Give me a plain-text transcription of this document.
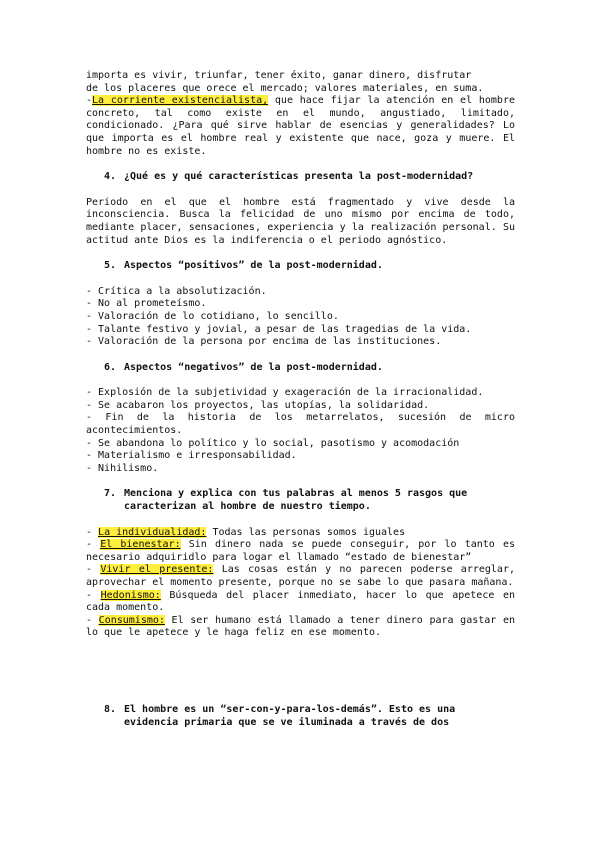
importa es vivir, triunfar, tener éxito, ganar dinero, disfrutar
de los placeres que orece el mercado; valores materiales, en suma.
-La corriente existencialista, que hace fijar la atención en el hombre concreto, tal como existe en el mundo, angustiado, limitado, condicionado. ¿Para qué sirve hablar de esencias y generalidades? Lo que importa es el hombre real y existente que nace, goza y muere. El hombre no es existe.
4. ¿Qué es y qué características presenta la post-modernidad?
Periodo en el que el hombre está fragmentado y vive desde la inconsciencia. Busca la felicidad de uno mismo por encima de todo, mediante placer, sensaciones, experiencia y la realización personal. Su actitud ante Dios es la indiferencia o el periodo agnóstico.
5. Aspectos “positivos” de la post-modernidad.
- Crítica a la absolutización.
- No al prometeísmo.
- Valoración de lo cotidiano, lo sencillo.
- Talante festivo y jovial, a pesar de las tragedias de la vida.
- Valoración de la persona por encima de las instituciones.
6. Aspectos “negativos” de la post-modernidad.
- Explosión de la subjetividad y exageración de la irracionalidad.
- Se acabaron los proyectos, las utopías, la solidaridad.
- Fin de la historia de los metarrelatos, sucesión de micro acontecimientos.
- Se abandona lo político y lo social, pasotismo y acomodación
- Materialismo e irresponsabilidad.
- Nihilismo.
7. Menciona y explica con tus palabras al menos 5 rasgos que
caracterizan al hombre de nuestro tiempo.
- La individualidad: Todas las personas somos iguales
- El bienestar: Sin dinero nada se puede conseguir, por lo tanto es necesario adquiridlo para logar el llamado “estado de bienestar”
- Vivir el presente: Las cosas están y no parecen poderse arreglar, aprovechar el momento presente, porque no se sabe lo que pasara mañana.
- Hedonismo: Búsqueda del placer inmediato, hacer lo que apetece en cada momento.
- Consumismo: El ser humano está llamado a tener dinero para gastar en lo que le apetece y le haga feliz en ese momento.
8. El hombre es un “ser-con-y-para-los-demás”. Esto es una
evidencia primaria que se ve iluminada a través de dos
